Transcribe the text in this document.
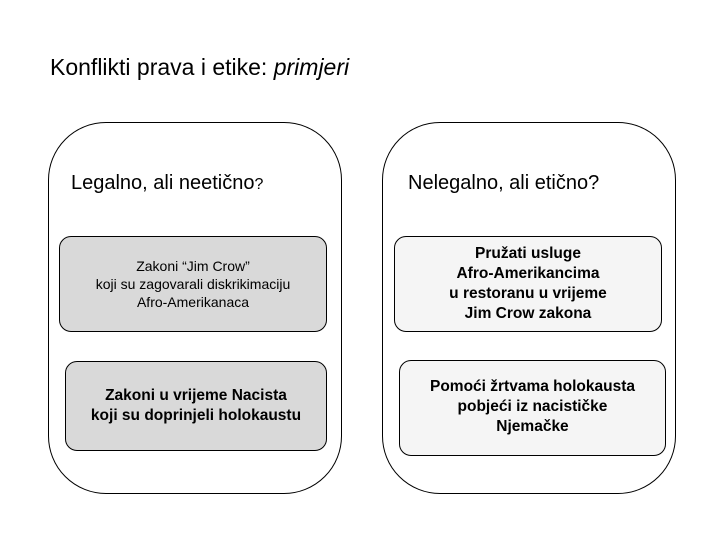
Konflikti prava i etike: primjeri
Legalno, ali neetično?	Nelegalno, ali etično?
Zakoni “Jim Crow”
koji su zagovarali diskrikimaciju
Afro-Amerikanaca
Pružati usluge
Afro-Amerikancima
u restoranu u vrijeme
Jim Crow zakona
Zakoni u vrijeme Nacista
koji su doprinjeli holokaustu
Pomoći žrtvama holokausta
pobjeći iz nacističke
Njemačke
